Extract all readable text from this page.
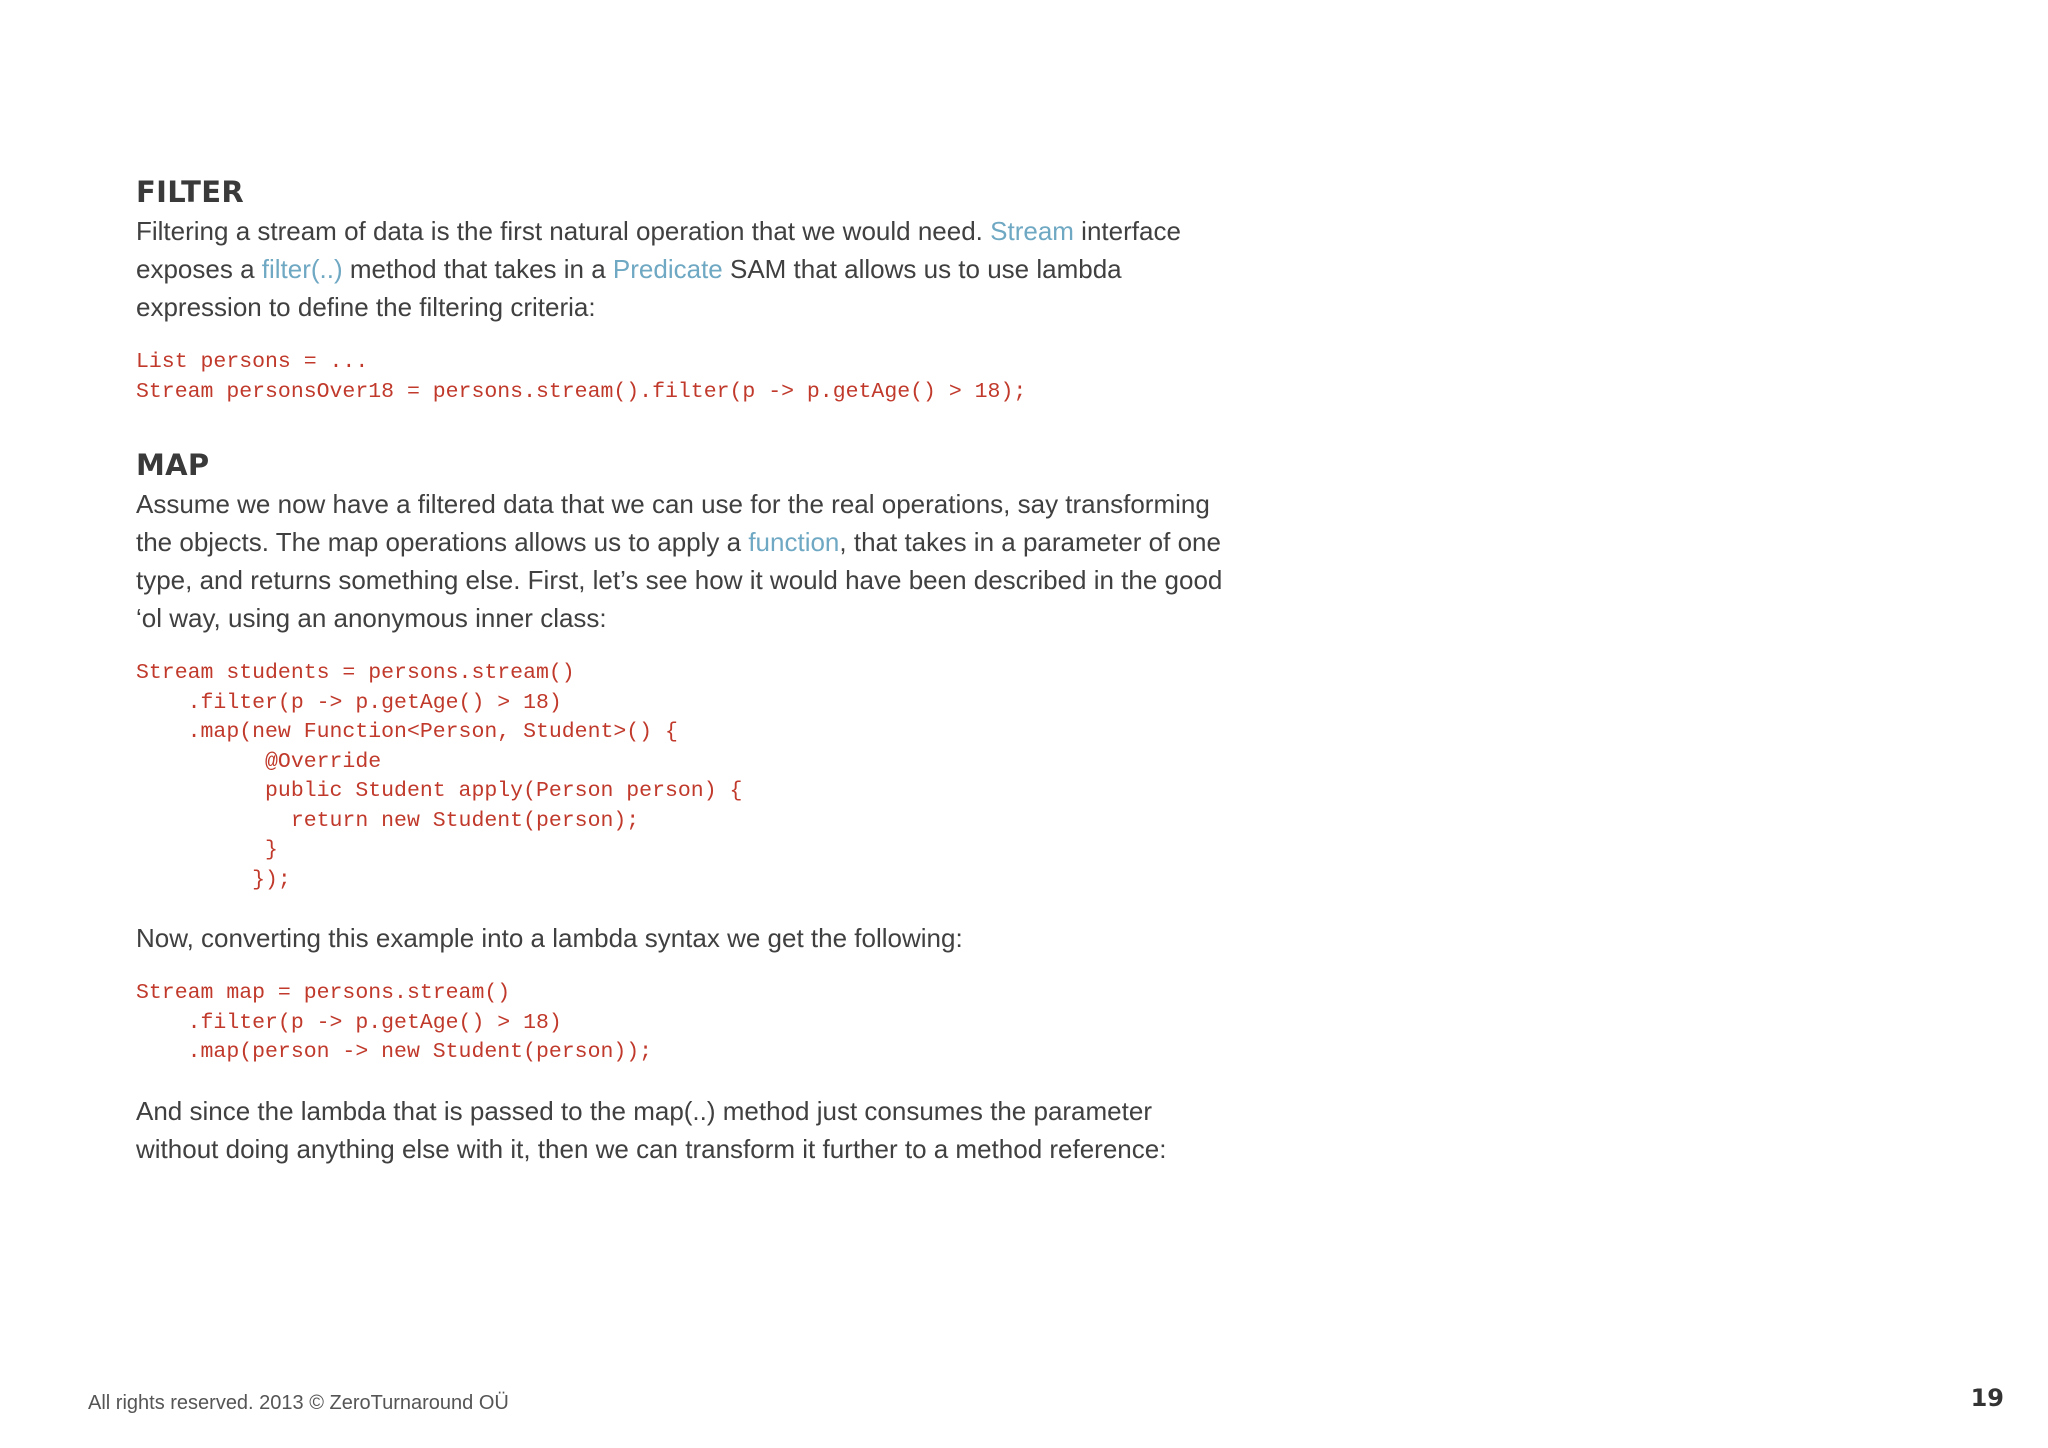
FILTER

Filtering a stream of data is the first natural operation that we would need. Stream interface exposes a filter(..) method that takes in a Predicate SAM that allows us to use lambda expression to define the filtering criteria:

List persons = ...
Stream personsOver18 = persons.stream().filter(p -> p.getAge() > 18);
MAP

Assume we now have a filtered data that we can use for the real operations, say transforming the objects. The map operations allows us to apply a function, that takes in a parameter of one type, and returns something else. First, let’s see how it would have been described in the good ‘ol way, using an anonymous inner class:

Stream students = persons.stream()
.filter(p -> p.getAge() > 18)
.map(new Function<Person, Student>() {
@Override
public Student apply(Person person) {
return new Student(person);
}
});

Now, converting this example into a lambda syntax we get the following:

Stream map = persons.stream()
.filter(p -> p.getAge() > 18)
.map(person -> new Student(person));

And since the lambda that is passed to the map(..) method just consumes the parameter without doing anything else with it, then we can transform it further to a method reference:

All rights reserved. 2013 © ZeroTurnaround OÜ	19
